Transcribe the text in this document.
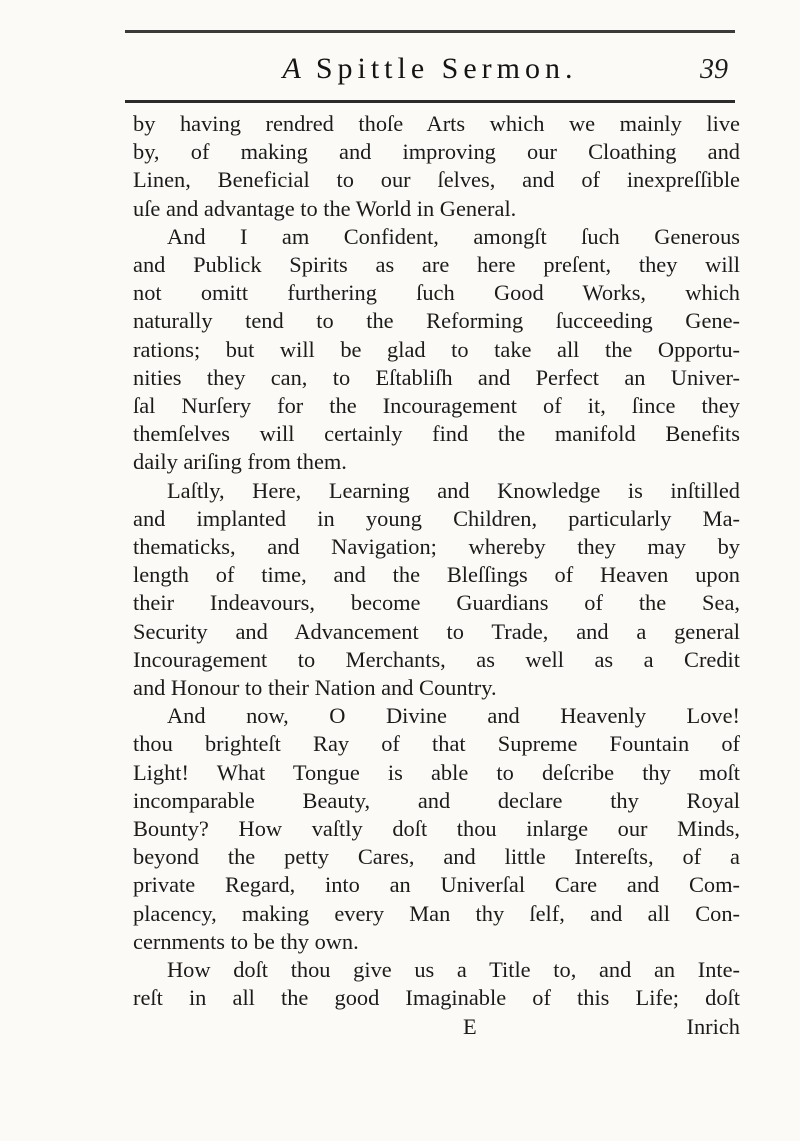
A Spittle Sermon.	39
by having rendred thoſe Arts which we mainly live
by, of making and improving our Cloathing and
Linen, Beneficial to our ſelves, and of inexpreſſible
uſe and advantage to the World in General.
And I am Confident, amongſt ſuch Generous
and Publick Spirits as are here preſent, they will
not omitt furthering ſuch Good Works, which
naturally tend to the Reforming ſucceeding Gene-
rations; but will be glad to take all the Opportu-
nities they can, to Eſtabliſh and Perfect an Univer-
ſal Nurſery for the Incouragement of it, ſince they
themſelves will certainly find the manifold Benefits
daily ariſing from them.
Laſtly, Here, Learning and Knowledge is inſtilled
and implanted in young Children, particularly Ma-
thematicks, and Navigation; whereby they may by
length of time, and the Bleſſings of Heaven upon
their Indeavours, become Guardians of the Sea,
Security and Advancement to Trade, and a general
Incouragement to Merchants, as well as a Credit
and Honour to their Nation and Country.
And now, O Divine and Heavenly Love!
thou brighteſt Ray of that Supreme Fountain of
Light! What Tongue is able to deſcribe thy moſt
incomparable Beauty, and declare thy Royal
Bounty? How vaſtly doſt thou inlarge our Minds,
beyond the petty Cares, and little Intereſts, of a
private Regard, into an Univerſal Care and Com-
placency, making every Man thy ſelf, and all Con-
cernments to be thy own.
How doſt thou give us a Title to, and an Inte-
reſt in all the good Imaginable of this Life; doſt

E	Inrich
